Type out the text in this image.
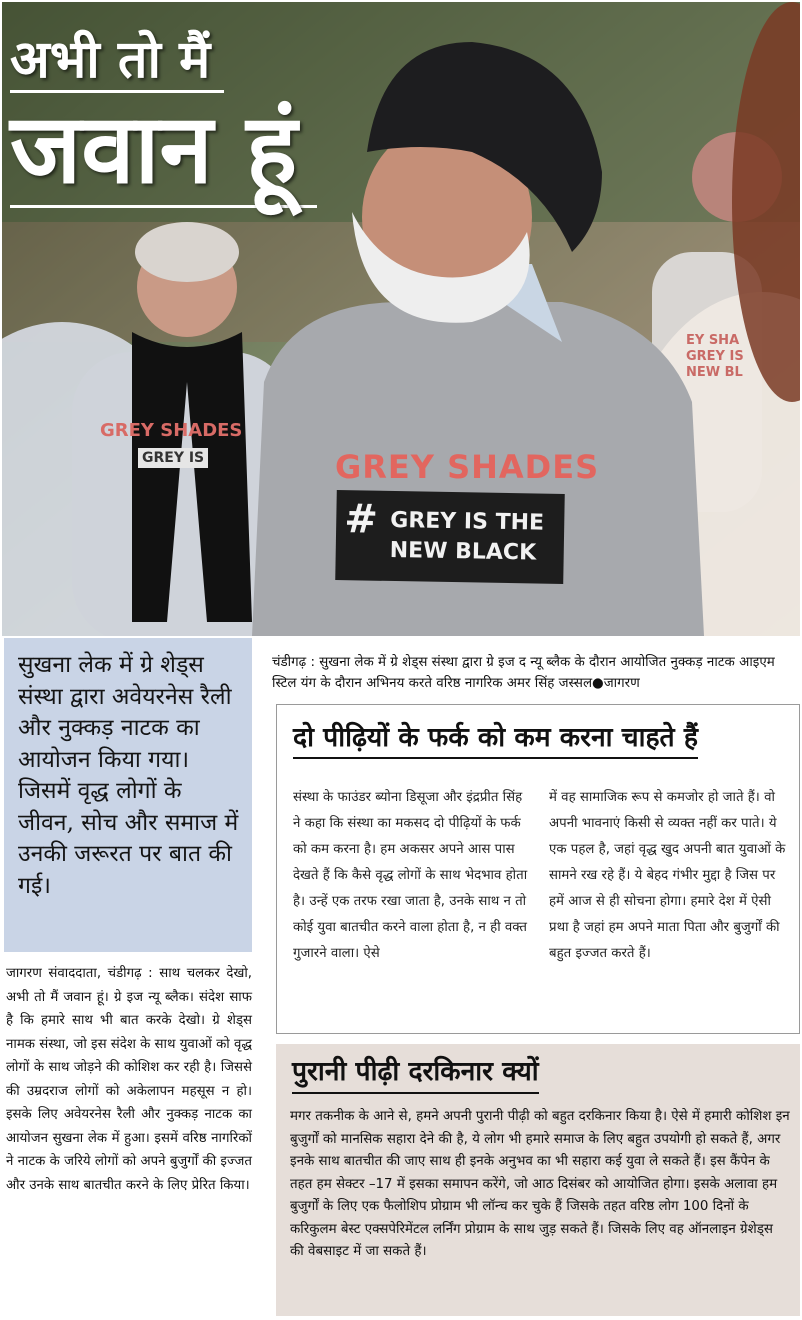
अभी तो मैं
जवान हूं
GREY SHADES
# GREY IS THE
NEW BLACK
GREY SHADES
GREY IS
EY SHA
GREY IS
NEW BL
सुखना लेक में ग्रे शेड्स संस्था द्वारा अवेयरनेस रैली और नुक्कड़ नाटक का आयोजन किया गया। जिसमें वृद्ध लोगों के जीवन, सोच और समाज में उनकी जरूरत पर बात की गई।
चंडीगढ़ : सुखना लेक में ग्रे शेड्स संस्था द्वारा ग्रे इज द न्यू ब्लैक के दौरान आयोजित नुक्कड़ नाटक आइएम स्टिल यंग के दौरान अभिनय करते वरिष्ठ नागरिक अमर सिंह जस्सल●जागरण
दो पीढ़ियों के फर्क को कम करना चाहते हैं
संस्था के फाउंडर ब्योना डिसूजा और इंद्रप्रीत सिंह ने कहा कि संस्था का मकसद दो पीढ़ियों के फर्क को कम करना है। हम अकसर अपने आस पास देखते हैं कि कैसे वृद्ध लोगों के साथ भेदभाव होता है। उन्हें एक तरफ रखा जाता है, उनके साथ न तो कोई युवा बातचीत करने वाला होता है, न ही वक्त गुजारने वाला। ऐसे
में वह सामाजिक रूप से कमजोर हो जाते हैं। वो अपनी भावनाएं किसी से व्यक्त नहीं कर पाते। ये एक पहल है, जहां वृद्ध खुद अपनी बात युवाओं के सामने रख रहे हैं। ये बेहद गंभीर मुद्दा है जिस पर हमें आज से ही सोचना होगा। हमारे देश में ऐसी प्रथा है जहां हम अपने माता पिता और बुजुर्गों की बहुत इज्जत करते हैं।
पुरानी पीढ़ी दरकिनार क्यों
मगर तकनीक के आने से, हमने अपनी पुरानी पीढ़ी को बहुत दरकिनार किया है। ऐसे में हमारी कोशिश इन बुजुर्गों को मानसिक सहारा देने की है, ये लोग भी हमारे समाज के लिए बहुत उपयोगी हो सकते हैं, अगर इनके साथ बातचीत की जाए साथ ही इनके अनुभव का भी सहारा कई युवा ले सकते हैं। इस कैंपेन के तहत हम सेक्टर –17 में इसका समापन करेंगे, जो आठ दिसंबर को आयोजित होगा। इसके अलावा हम बुजुर्गों के लिए एक फैलोशिप प्रोग्राम भी लॉन्च कर चुके हैं जिसके तहत वरिष्ठ लोग 100 दिनों के करिकुलम बेस्ट एक्सपेरिमेंटल लर्निंग प्रोग्राम के साथ जुड़ सकते हैं। जिसके लिए वह ऑनलाइन ग्रेशेड्स की वेबसाइट में जा सकते हैं।
जागरण संवाददाता, चंडीगढ़ : साथ चलकर देखो, अभी तो मैं जवान हूं। ग्रे इज न्यू ब्लैक। संदेश साफ है कि हमारे साथ भी बात करके देखो। ग्रे शेड्स नामक संस्था, जो इस संदेश के साथ युवाओं को वृद्ध लोगों के साथ जोड़ने की कोशिश कर रही है। जिससे की उम्रदराज लोगों को अकेलापन महसूस न हो। इसके लिए अवेयरनेस रैली और नुक्कड़ नाटक का आयोजन सुखना लेक में हुआ। इसमें वरिष्ठ नागरिकों ने नाटक के जरिये लोगों को अपने बुजुर्गों की इज्जत और उनके साथ बातचीत करने के लिए प्रेरित किया।
